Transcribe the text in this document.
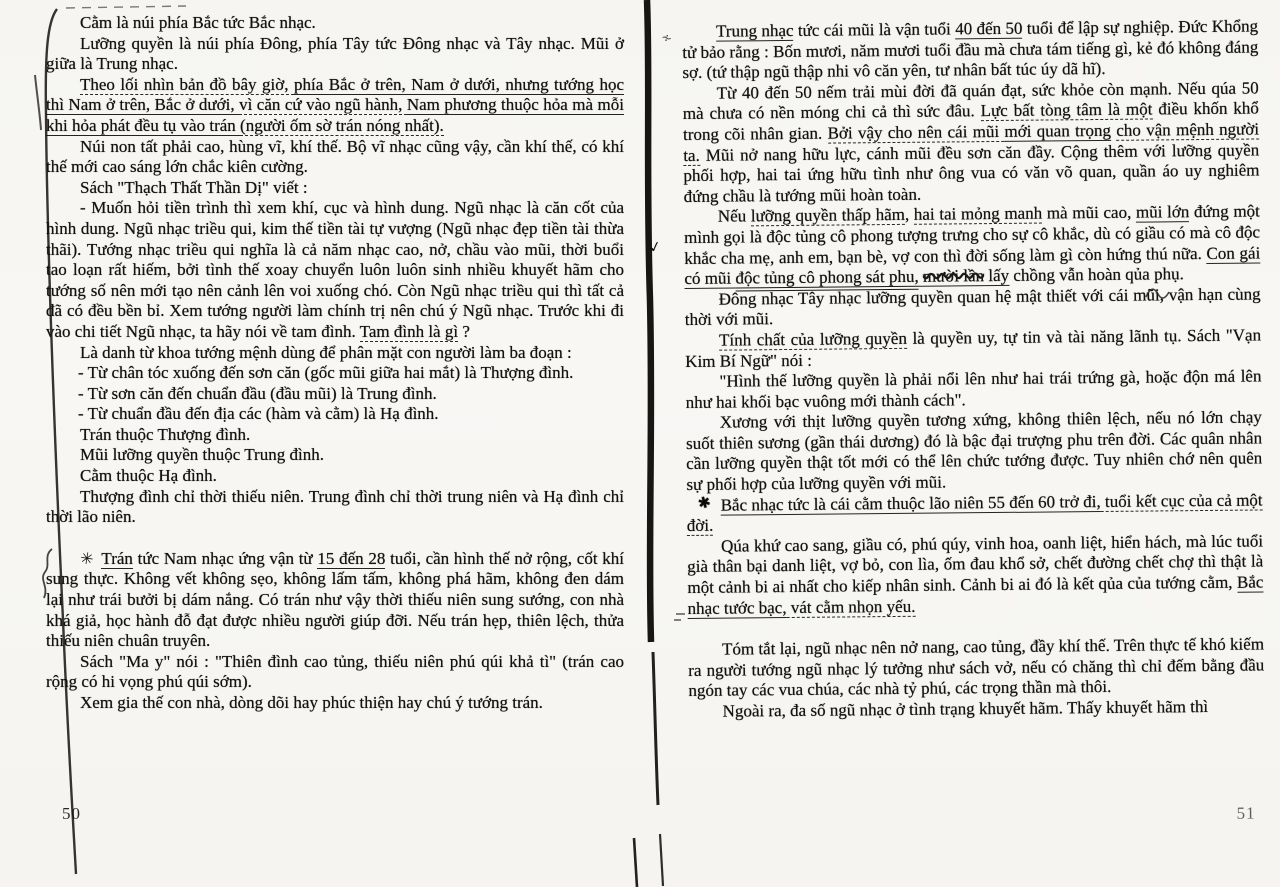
✓
∻

Cằm là núi phía Bắc tức Bắc nhạc.

Lưỡng quyền là núi phía Đông, phía Tây tức Đông nhạc và Tây nhạc. Mũi ở giữa là Trung nhạc.

Theo lối nhìn bản đồ bây giờ, phía Bắc ở trên, Nam ở dưới, nhưng tướng học thì Nam ở trên, Bắc ở dưới, vì căn cứ vào ngũ hành, Nam phương thuộc hỏa mà mỗi khi hỏa phát đều tụ vào trán (người ốm sờ trán nóng nhất).

Núi non tất phải cao, hùng vĩ, khí thế. Bộ vĩ nhạc cũng vậy, cần khí thế, có khí thế mới cao sáng lớn chắc kiên cường.

Sách "Thạch Thất Thần Dị" viết :

- Muốn hỏi tiền trình thì xem khí, cục và hình dung. Ngũ nhạc là căn cốt của hình dung. Ngũ nhạc triều qui, kim thế tiền tài tự vượng (Ngũ nhạc đẹp tiền tài thừa thãi). Tướng nhạc triều qui nghĩa là cả năm nhạc cao, nở, chầu vào mũi, thời buổi tao loạn rất hiếm, bởi tình thế xoay chuyển luôn luôn sinh nhiều khuyết hãm cho tướng số nên mới tạo nên cảnh lên voi xuống chó. Còn Ngũ nhạc triều qui thì tất cả đã có đều bền bỉ. Xem tướng người làm chính trị nên chú ý Ngũ nhạc. Trước khi đi vào chi tiết Ngũ nhạc, ta hãy nói về tam đình. Tam đình là gì ?

Là danh từ khoa tướng mệnh dùng để phân mặt con người làm ba đoạn :

- Từ chân tóc xuống đến sơn căn (gốc mũi giữa hai mắt) là Thượng đình.

- Từ sơn căn đến chuẩn đầu (đầu mũi) là Trung đình.

- Từ chuẩn đầu đến địa các (hàm và cằm) là Hạ đình.

Trán thuộc Thượng đình.

Mũi lưỡng quyền thuộc Trung đình.

Cằm thuộc Hạ đình.

Thượng đình chỉ thời thiếu niên. Trung đình chỉ thời trung niên và Hạ đình chỉ thời lão niên.

✳ Trán tức Nam nhạc ứng vận từ 15 đến 28 tuổi, cần hình thế nở rộng, cốt khí sung thực. Không vết không sẹo, không lấm tấm, không phá hãm, không đen dám lại như trái bưởi bị dám nắng. Có trán như vậy thời thiếu niên sung sướng, con nhà khá giả, học hành đỗ đạt được nhiều người giúp đỡi. Nếu trán hẹp, thiên lệch, thửa thiếu niên chuân truyên.

Sách "Ma y" nói : "Thiên đình cao tủng, thiếu niên phú qúi khả tì" (trán cao rộng có hi vọng phú qúi sớm).

Xem gia thế con nhà, dòng dõi hay phúc thiện hay chú ý tướng trán.

50

Trung nhạc tức cái mũi là vận tuổi 40 đến 50 tuổi để lập sự nghiệp. Đức Khổng tử bảo rằng : Bốn mươi, năm mươi tuổi đầu mà chưa tám tiếng gì, kẻ đó không đáng sợ. (tứ thập ngũ thập nhi vô căn yên, tư nhân bất túc úy dã hĩ).

Từ 40 đến 50 nếm trải mùi đời đã quán đạt, sức khỏe còn mạnh. Nếu qúa 50 mà chưa có nền móng chi cả thì sức đâu. Lực bất tòng tâm là một điều khốn khổ trong cõi nhân gian. Bởi vậy cho nên cái mũi mới quan trọng cho vận mệnh người ta. Mũi nở nang hữu lực, cánh mũi đều sơn căn đầy. Cộng thêm với lưỡng quyền phối hợp, hai tai ứng hữu tình như ông vua có văn võ quan, quần áo uy nghiêm đứng chầu là tướng mũi hoàn toàn.

Nếu lưỡng quyền thấp hãm, hai tai mỏng manh mà mũi cao, mũi lớn đứng một mình gọi là độc tủng cô phong tượng trưng cho sự cô khắc, dù có giầu có mà cô độc khắc cha mẹ, anh em, bạn bè, vợ con thì đời sống làm gì còn hứng thú nữa. Con gái có mũi độc tủng cô phong sát phu, mười lần lấy chồng vẫn hoàn qủa phụ.

Đông nhạc Tây nhạc lưỡng quyền quan hệ mật thiết với cái mũi, vận hạn cùng thời với mũi.

Tính chất của lưỡng quyền là quyền uy, tự tin và tài năng lãnh tụ. Sách "Vạn Kim Bí Ngữ" nói :

"Hình thế lưỡng quyền là phải nổi lên như hai trái trứng gà, hoặc độn má lên như hai khối bạc vuông mới thành cách".

Xương với thịt lưỡng quyền tương xứng, không thiên lệch, nếu nó lớn chạy suốt thiên sương (gần thái dương) đó là bậc đại trượng phu trên đời. Các quân nhân cần lưỡng quyền thật tốt mới có thể lên chức tướng được. Tuy nhiên chớ nên quên sự phối hợp của lưỡng quyền với mũi.

✱ Bắc nhạc tức là cái cằm thuộc lão niên 55 đến 60 trở đi, tuổi kết cục của cả một đời.

Qúa khứ cao sang, giầu có, phú qúy, vinh hoa, oanh liệt, hiển hách, mà lúc tuổi già thân bại danh liệt, vợ bỏ, con lìa, ốm đau khổ sở, chết đường chết chợ thì thật là một cảnh bi ai nhất cho kiếp nhân sinh. Cảnh bi ai đó là kết qủa của tướng cằm, Bắc nhạc tước bạc, vát cằm nhọn yếu.

Tóm tắt lại, ngũ nhạc nên nở nang, cao tủng, đầy khí thế. Trên thực tế khó kiếm ra người tướng ngũ nhạc lý tưởng như sách vở, nếu có chăng thì chỉ đếm bằng đầu ngón tay các vua chúa, các nhà tỷ phú, các trọng thần mà thôi.

Ngoài ra, đa số ngũ nhạc ở tình trạng khuyết hãm. Thấy khuyết hãm thì

51
